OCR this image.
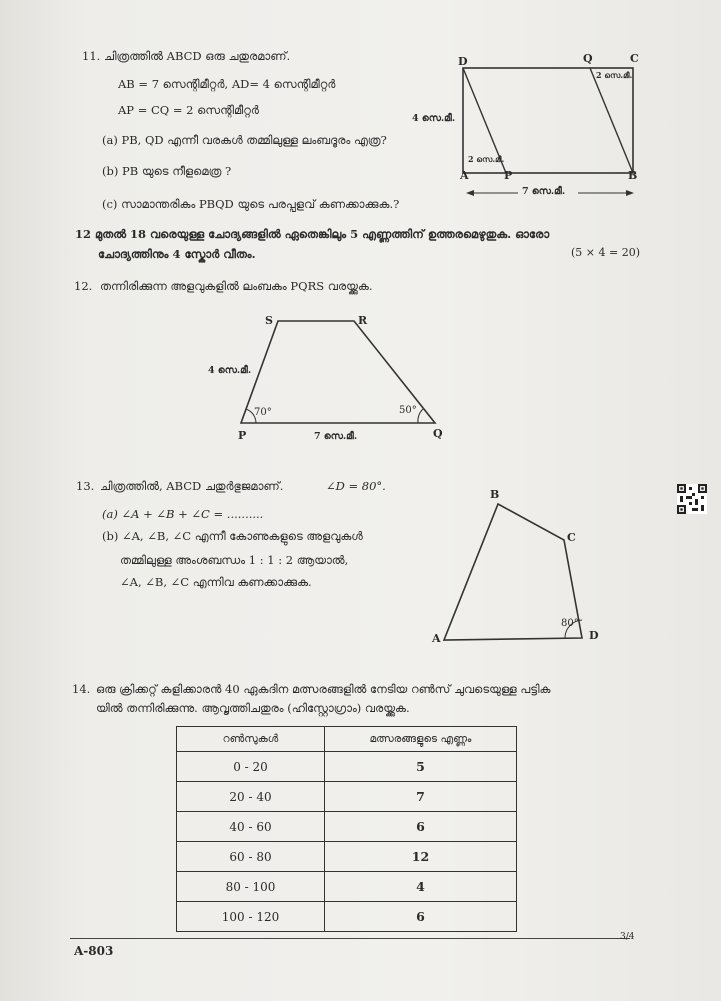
11. ചിത്രത്തിൽ ABCD ഒരു ചതുരമാണ്.
AB = 7 സെന്റിമീറ്റർ, AD= 4 സെന്റിമീറ്റർ
AP = CQ = 2 സെന്റിമീറ്റർ
(a) PB, QD എന്നീ വരകൾ തമ്മിലുള്ള ലംബദൂരം എത്ര?
(b) PB യുടെ നീളമെത്ര ?
(c) സാമാന്തരികം PBQD യുടെ പരപ്പളവ് കണക്കാക്കുക.?
D	Q	C
A	P	B
2 സെ.മീ.
2 സെ.മീ.
4 സെ.മീ.
7 സെ.മീ.
12 മുതൽ 18 വരെയുള്ള ചോദ്യങ്ങളിൽ ഏതെങ്കിലും 5 എണ്ണത്തിന് ഉത്തരമെഴുതുക. ഓരോ
ചോദ്യത്തിനും 4 സ്കോർ വീതം.	(5 × 4 = 20)
12. തന്നിരിക്കുന്ന അളവുകളിൽ ലംബകം PQRS വരയ്ക്കുക.
S	R
P	Q
4 സെ.മീ.
7 സെ.മീ.
70°	50°
13. ചിത്രത്തിൽ, ABCD ചതുർഭുജമാണ്.	∠D = 80°.
(a) ∠A + ∠B + ∠C = ..........
(b) ∠A, ∠B, ∠C എന്നീ കോണുകളുടെ അളവുകൾ
തമ്മിലുള്ള അംശബന്ധം 1 : 1 : 2 ആയാൽ,
∠A, ∠B, ∠C എന്നിവ കണക്കാക്കുക.
B
C
A	D
80°
14. ഒരു ക്രിക്കറ്റ് കളിക്കാരൻ 40 ഏകദിന മത്സരങ്ങളിൽ നേടിയ റൺസ് ചുവടെയുള്ള പട്ടിക
യിൽ തന്നിരിക്കുന്നു. ആവൃത്തിചതുരം (ഹിസ്റ്റോഗ്രാം) വരയ്ക്കുക.
റൺസുകൾ	മത്സരങ്ങളുടെ എണ്ണം
0 - 20	5
20 - 40	7
40 - 60	6
60 - 80	12
80 - 100	4
100 - 120	6
A-803
3/4
